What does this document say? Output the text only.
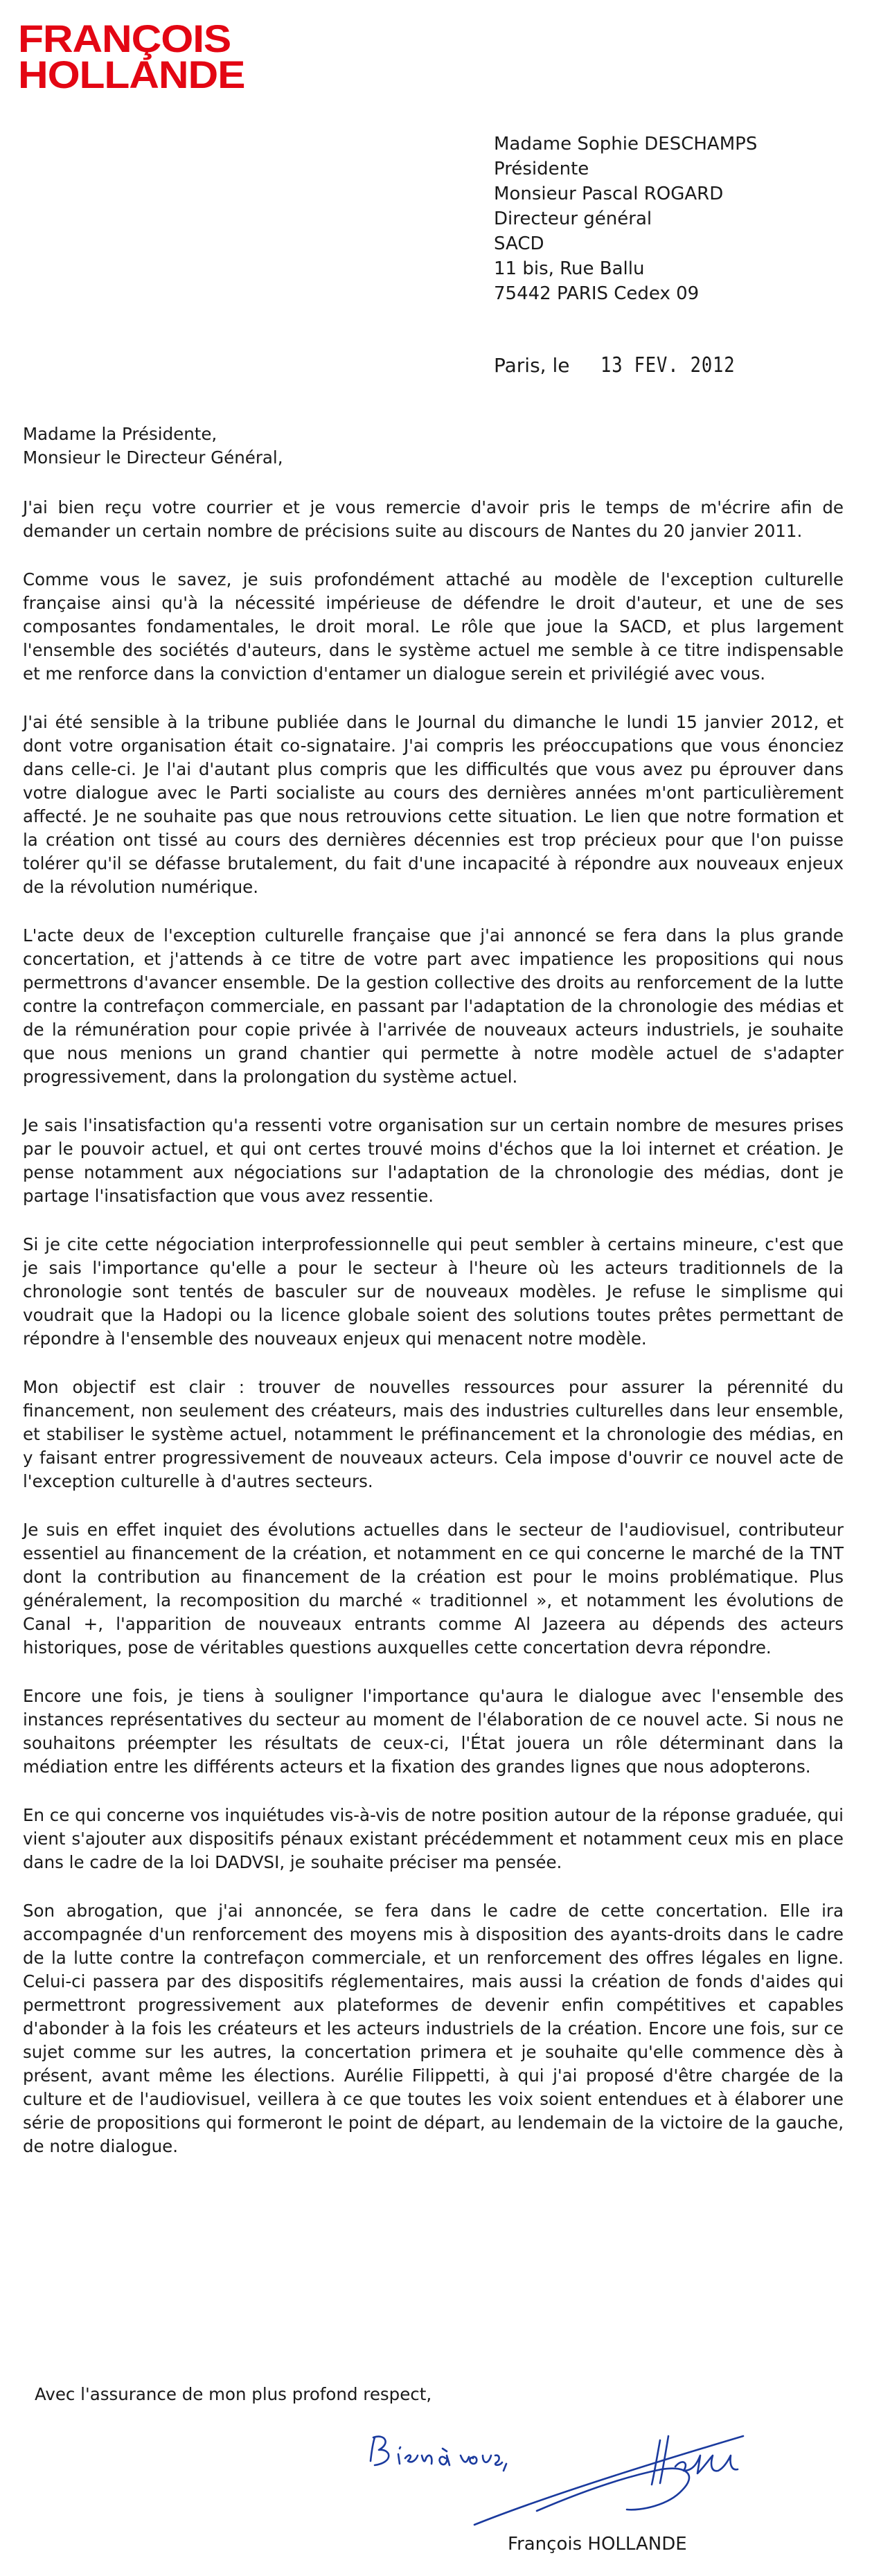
FRANÇOIS
HOLLANDE
Madame Sophie DESCHAMPS
Présidente
Monsieur Pascal ROGARD
Directeur général
SACD
11 bis, Rue Ballu
75442 PARIS Cedex 09
Paris, le 13 FEV. 2012
Madame la Présidente,
Monsieur le Directeur Général,

J'ai bien reçu votre courrier et je vous remercie d'avoir pris le temps de m'écrire afin de demander un certain nombre de précisions suite au discours de Nantes du 20 janvier 2011.

Comme vous le savez, je suis profondément attaché au modèle de l'exception culturelle française ainsi qu'à la nécessité impérieuse de défendre le droit d'auteur, et une de ses composantes fondamentales, le droit moral. Le rôle que joue la SACD, et plus largement l'ensemble des sociétés d'auteurs, dans le système actuel me semble à ce titre indispensable et me renforce dans la conviction d'entamer un dialogue serein et privilégié avec vous.

J'ai été sensible à la tribune publiée dans le Journal du dimanche le lundi 15 janvier 2012, et dont votre organisation était co-signataire. J'ai compris les préoccupations que vous énonciez dans celle-ci. Je l'ai d'autant plus compris que les difficultés que vous avez pu éprouver dans votre dialogue avec le Parti socialiste au cours des dernières années m'ont particulièrement affecté. Je ne souhaite pas que nous retrouvions cette situation. Le lien que notre formation et la création ont tissé au cours des dernières décennies est trop précieux pour que l'on puisse tolérer qu'il se défasse brutalement, du fait d'une incapacité à répondre aux nouveaux enjeux de la révolution numérique.

L'acte deux de l'exception culturelle française que j'ai annoncé se fera dans la plus grande concertation, et j'attends à ce titre de votre part avec impatience les propositions qui nous permettrons d'avancer ensemble. De la gestion collective des droits au renforcement de la lutte contre la contrefaçon commerciale, en passant par l'adaptation de la chronologie des médias et de la rémunération pour copie privée à l'arrivée de nouveaux acteurs industriels, je souhaite que nous menions un grand chantier qui permette à notre modèle actuel de s'adapter progressivement, dans la prolongation du système actuel.

Je sais l'insatisfaction qu'a ressenti votre organisation sur un certain nombre de mesures prises par le pouvoir actuel, et qui ont certes trouvé moins d'échos que la loi internet et création. Je pense notamment aux négociations sur l'adaptation de la chronologie des médias, dont je partage l'insatisfaction que vous avez ressentie.

Si je cite cette négociation interprofessionnelle qui peut sembler à certains mineure, c'est que je sais l'importance qu'elle a pour le secteur à l'heure où les acteurs traditionnels de la chronologie sont tentés de basculer sur de nouveaux modèles. Je refuse le simplisme qui voudrait que la Hadopi ou la licence globale soient des solutions toutes prêtes permettant de répondre à l'ensemble des nouveaux enjeux qui menacent notre modèle.

Mon objectif est clair : trouver de nouvelles ressources pour assurer la pérennité du financement, non seulement des créateurs, mais des industries culturelles dans leur ensemble, et stabiliser le système actuel, notamment le préfinancement et la chronologie des médias, en y faisant entrer progressivement de nouveaux acteurs. Cela impose d'ouvrir ce nouvel acte de l'exception culturelle à d'autres secteurs.

Je suis en effet inquiet des évolutions actuelles dans le secteur de l'audiovisuel, contributeur essentiel au financement de la création, et notamment en ce qui concerne le marché de la TNT dont la contribution au financement de la création est pour le moins problématique. Plus généralement, la recomposition du marché « traditionnel », et notamment les évolutions de Canal +, l'apparition de nouveaux entrants comme Al Jazeera au dépends des acteurs historiques, pose de véritables questions auxquelles cette concertation devra répondre.

Encore une fois, je tiens à souligner l'importance qu'aura le dialogue avec l'ensemble des instances représentatives du secteur au moment de l'élaboration de ce nouvel acte. Si nous ne souhaitons préempter les résultats de ceux-ci, l'État jouera un rôle déterminant dans la médiation entre les différents acteurs et la fixation des grandes lignes que nous adopterons.

En ce qui concerne vos inquiétudes vis-à-vis de notre position autour de la réponse graduée, qui vient s'ajouter aux dispositifs pénaux existant précédemment et notamment ceux mis en place dans le cadre de la loi DADVSI, je souhaite préciser ma pensée.

Son abrogation, que j'ai annoncée, se fera dans le cadre de cette concertation. Elle ira accompagnée d'un renforcement des moyens mis à disposition des ayants-droits dans le cadre de la lutte contre la contrefaçon commerciale, et un renforcement des offres légales en ligne. Celui-ci passera par des dispositifs réglementaires, mais aussi la création de fonds d'aides qui permettront progressivement aux plateformes de devenir enfin compétitives et capables d'abonder à la fois les créateurs et les acteurs industriels de la création. Encore une fois, sur ce sujet comme sur les autres, la concertation primera et je souhaite qu'elle commence dès à présent, avant même les élections. Aurélie Filippetti, à qui j'ai proposé d'être chargée de la culture et de l'audiovisuel, veillera à ce que toutes les voix soient entendues et à élaborer une série de propositions qui formeront le point de départ, au lendemain de la victoire de la gauche, de notre dialogue.

Avec l'assurance de mon plus profond respect,
François HOLLANDE
